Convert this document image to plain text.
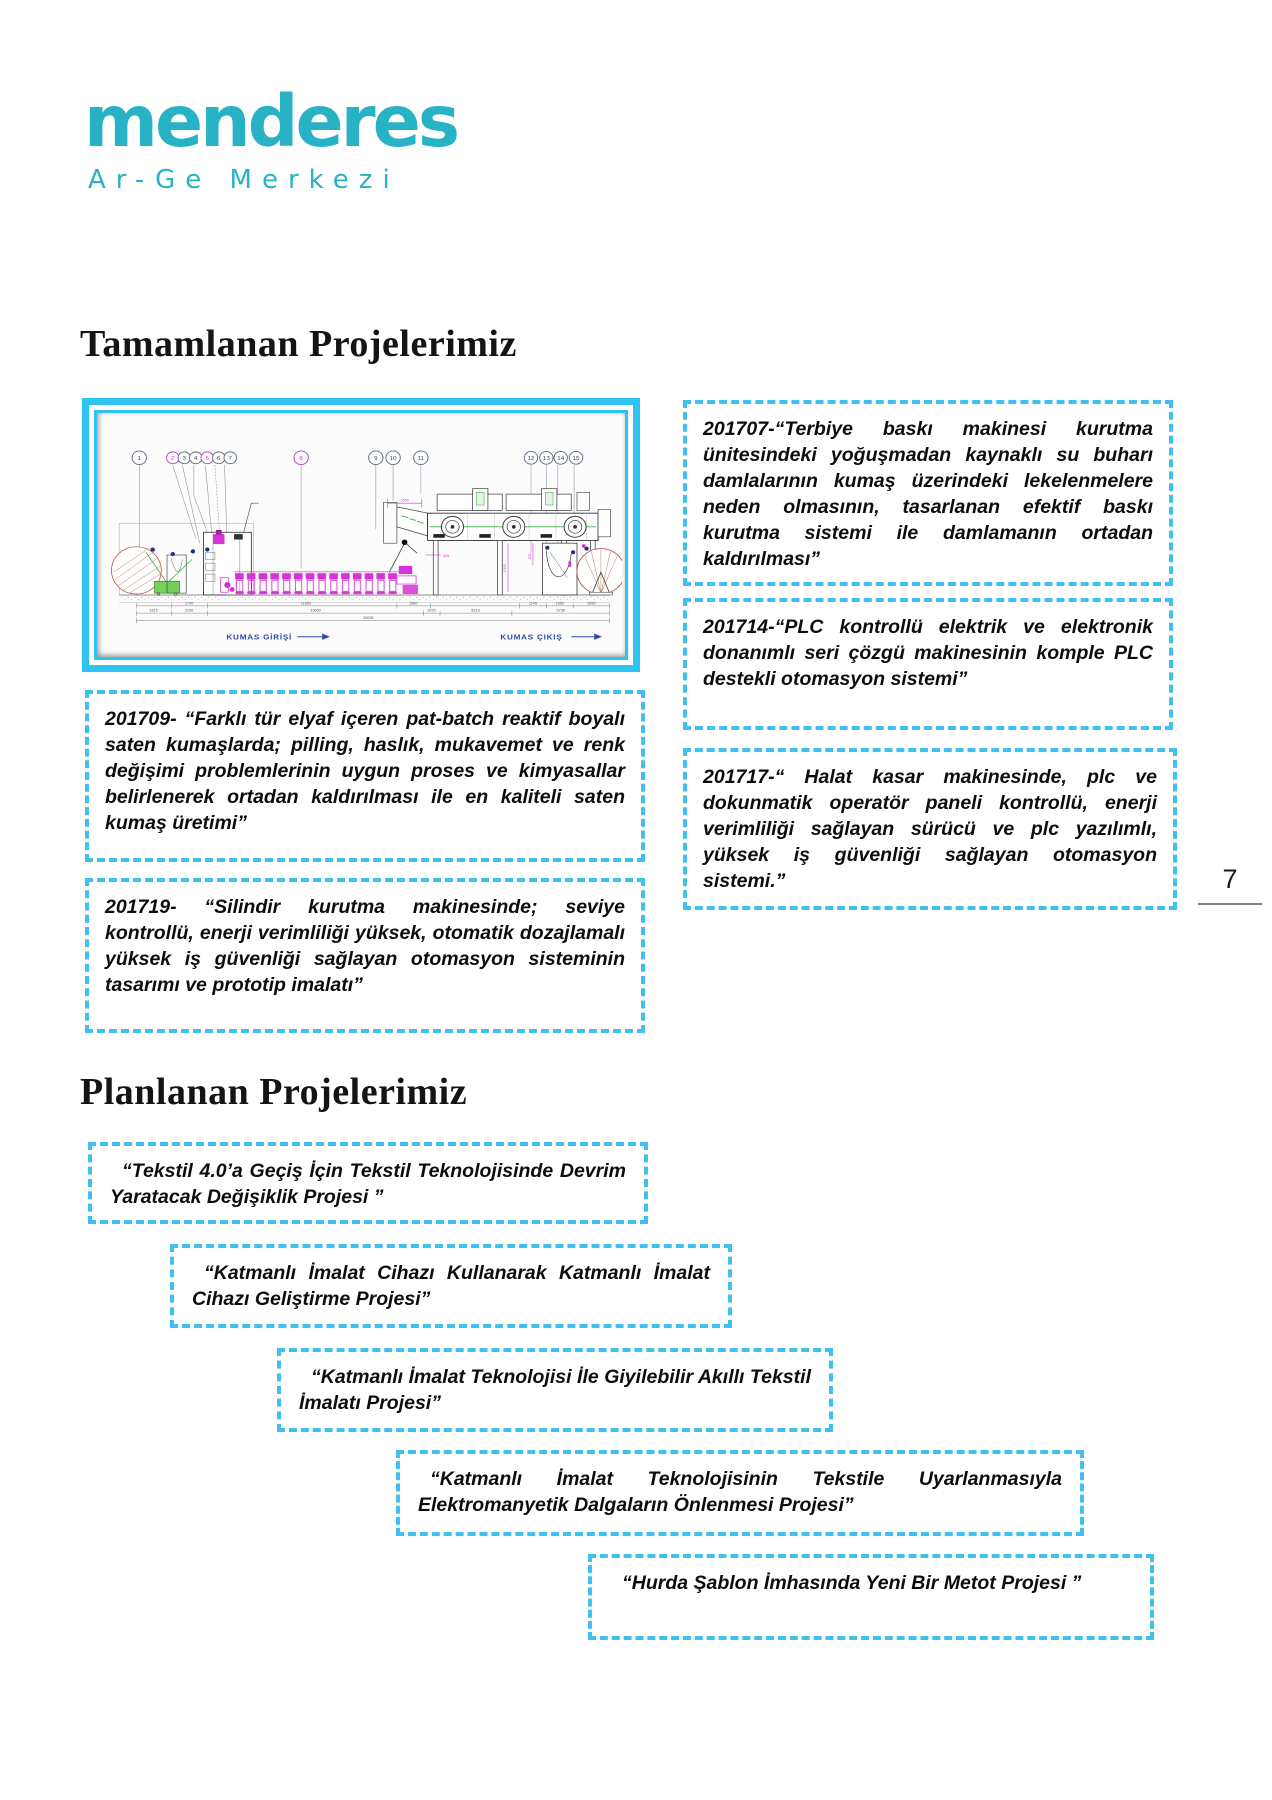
menderes
Ar-Ge Merkezi
Tamamlanan Projelerimiz
1	2 3 4 5 6 7	8	9 10	11	12 13 14 15
1500
345
1340
185
1700	11650	1580	1145	1550	2650
1815	2150	13000	1025	5219	5735
20035
KUMAS GİRİŞİ	KUMAS ÇIKIŞ
201707-“Terbiye baskı makinesi kurutma ünitesindeki yoğuşmadan kaynaklı su buharı damlalarının kumaş üzerindeki lekelenmelere neden olmasının, tasarlanan efektif baskı kurutma sistemi ile damlamanın ortadan kaldırılması”
201714-“PLC kontrollü elektrik ve elektronik donanımlı seri çözgü makinesinin komple PLC destekli otomasyon sistemi”
201717-“ Halat kasar makinesinde, plc ve dokunmatik operatör paneli kontrollü, enerji verimliliği sağlayan sürücü ve plc yazılımlı, yüksek iş güvenliği sağlayan otomasyon sistemi.”
201709- “Farklı tür elyaf içeren pat-batch reaktif boyalı saten kumaşlarda; pilling, haslık, mukavemet ve renk değişimi problemlerinin uygun proses ve kimyasallar belirlenerek ortadan kaldırılması ile en kaliteli saten kumaş üretimi”
201719- “Silindir kurutma makinesinde; seviye kontrollü, enerji verimliliği yüksek, otomatik dozajlamalı yüksek iş güvenliği sağlayan otomasyon sisteminin tasarımı ve prototip imalatı”
7
Planlanan Projelerimiz
“Tekstil 4.0’a Geçiş İçin Tekstil Teknolojisinde Devrim Yaratacak Değişiklik Projesi ”
“Katmanlı İmalat Cihazı Kullanarak Katmanlı İmalat Cihazı Geliştirme Projesi”
“Katmanlı İmalat Teknolojisi İle Giyilebilir Akıllı Tekstil İmalatı Projesi”
“Katmanlı İmalat Teknolojisinin Tekstile Uyarlanmasıyla Elektromanyetik Dalgaların Önlenmesi Projesi”
“Hurda Şablon İmhasında Yeni Bir Metot Projesi ”
